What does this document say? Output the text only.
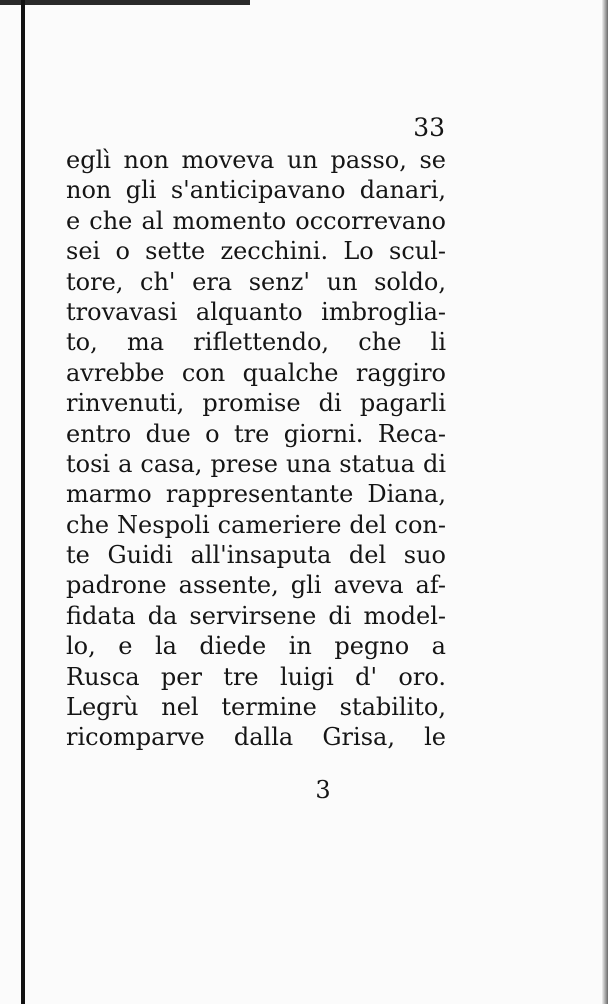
33
eglì non moveva un passo, se
non gli s'anticipavano danari,
e che al momento occorrevano
sei o sette zecchini. Lo scul-
tore, ch' era senz' un soldo,
trovavasi alquanto imbroglia-
to, ma riflettendo, che li
avrebbe con qualche raggiro
rinvenuti, promise di pagarli
entro due o tre giorni. Reca-
tosi a casa, prese una statua di
marmo rappresentante Diana,
che Nespoli cameriere del con-
te Guidi all'insaputa del suo
padrone assente, gli aveva af-
fidata da servirsene di model-
lo, e la diede in pegno a
Rusca per tre luigi d' oro.
Legrù nel termine stabilito,
ricomparve dalla Grisa, le
3
